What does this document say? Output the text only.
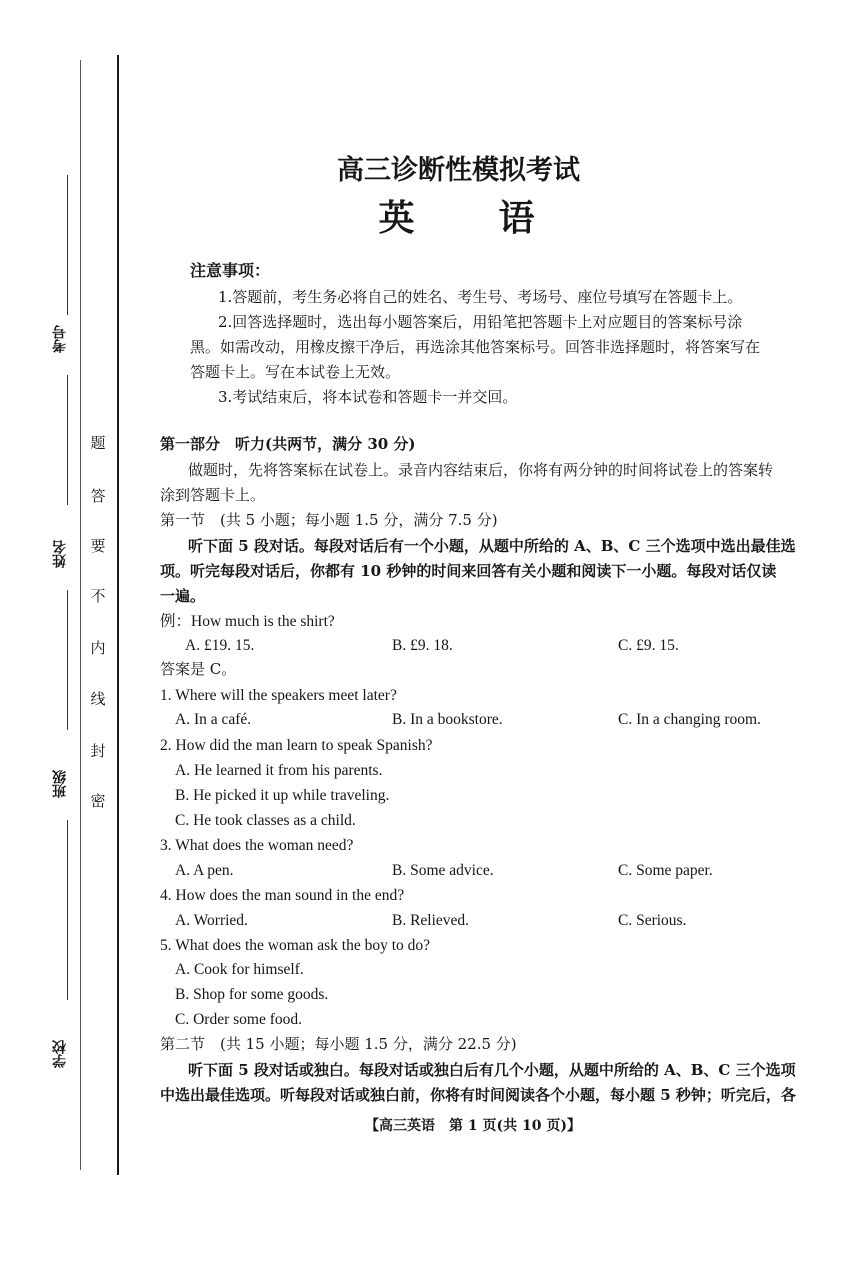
考号
姓名
班级
学校
题
答
要
不
内
线
封
密
高三诊断性模拟考试
英　　语
注意事项：
1.答题前，考生务必将自己的姓名、考生号、考场号、座位号填写在答题卡上。
2.回答选择题时，选出每小题答案后，用铅笔把答题卡上对应题目的答案标号涂
黑。如需改动，用橡皮擦干净后，再选涂其他答案标号。回答非选择题时，将答案写在
答题卡上。写在本试卷上无效。
3.考试结束后，将本试卷和答题卡一并交回。
第一部分　听力(共两节，满分 30 分)
做题时，先将答案标在试卷上。录音内容结束后，你将有两分钟的时间将试卷上的答案转
涂到答题卡上。
第一节　(共 5 小题；每小题 1.5 分，满分 7.5 分)
听下面 5 段对话。每段对话后有一个小题，从题中所给的 A、B、C 三个选项中选出最佳选
项。听完每段对话后，你都有 10 秒钟的时间来回答有关小题和阅读下一小题。每段对话仅读
一遍。
例：How much is the shirt?
A. £19. 15.	B. £9. 18.	C. £9. 15.
答案是 C。
1. Where will the speakers meet later?
A. In a café.	B. In a bookstore.	C. In a changing room.
2. How did the man learn to speak Spanish?
A. He learned it from his parents.
B. He picked it up while traveling.
C. He took classes as a child.
3. What does the woman need?
A. A pen.	B. Some advice.	C. Some paper.
4. How does the man sound in the end?
A. Worried.	B. Relieved.	C. Serious.
5. What does the woman ask the boy to do?
A. Cook for himself.
B. Shop for some goods.
C. Order some food.
第二节　(共 15 小题；每小题 1.5 分，满分 22.5 分)
听下面 5 段对话或独白。每段对话或独白后有几个小题，从题中所给的 A、B、C 三个选项
中选出最佳选项。听每段对话或独白前，你将有时间阅读各个小题，每小题 5 秒钟；听完后，各
【高三英语　第 1 页(共 10 页)】
